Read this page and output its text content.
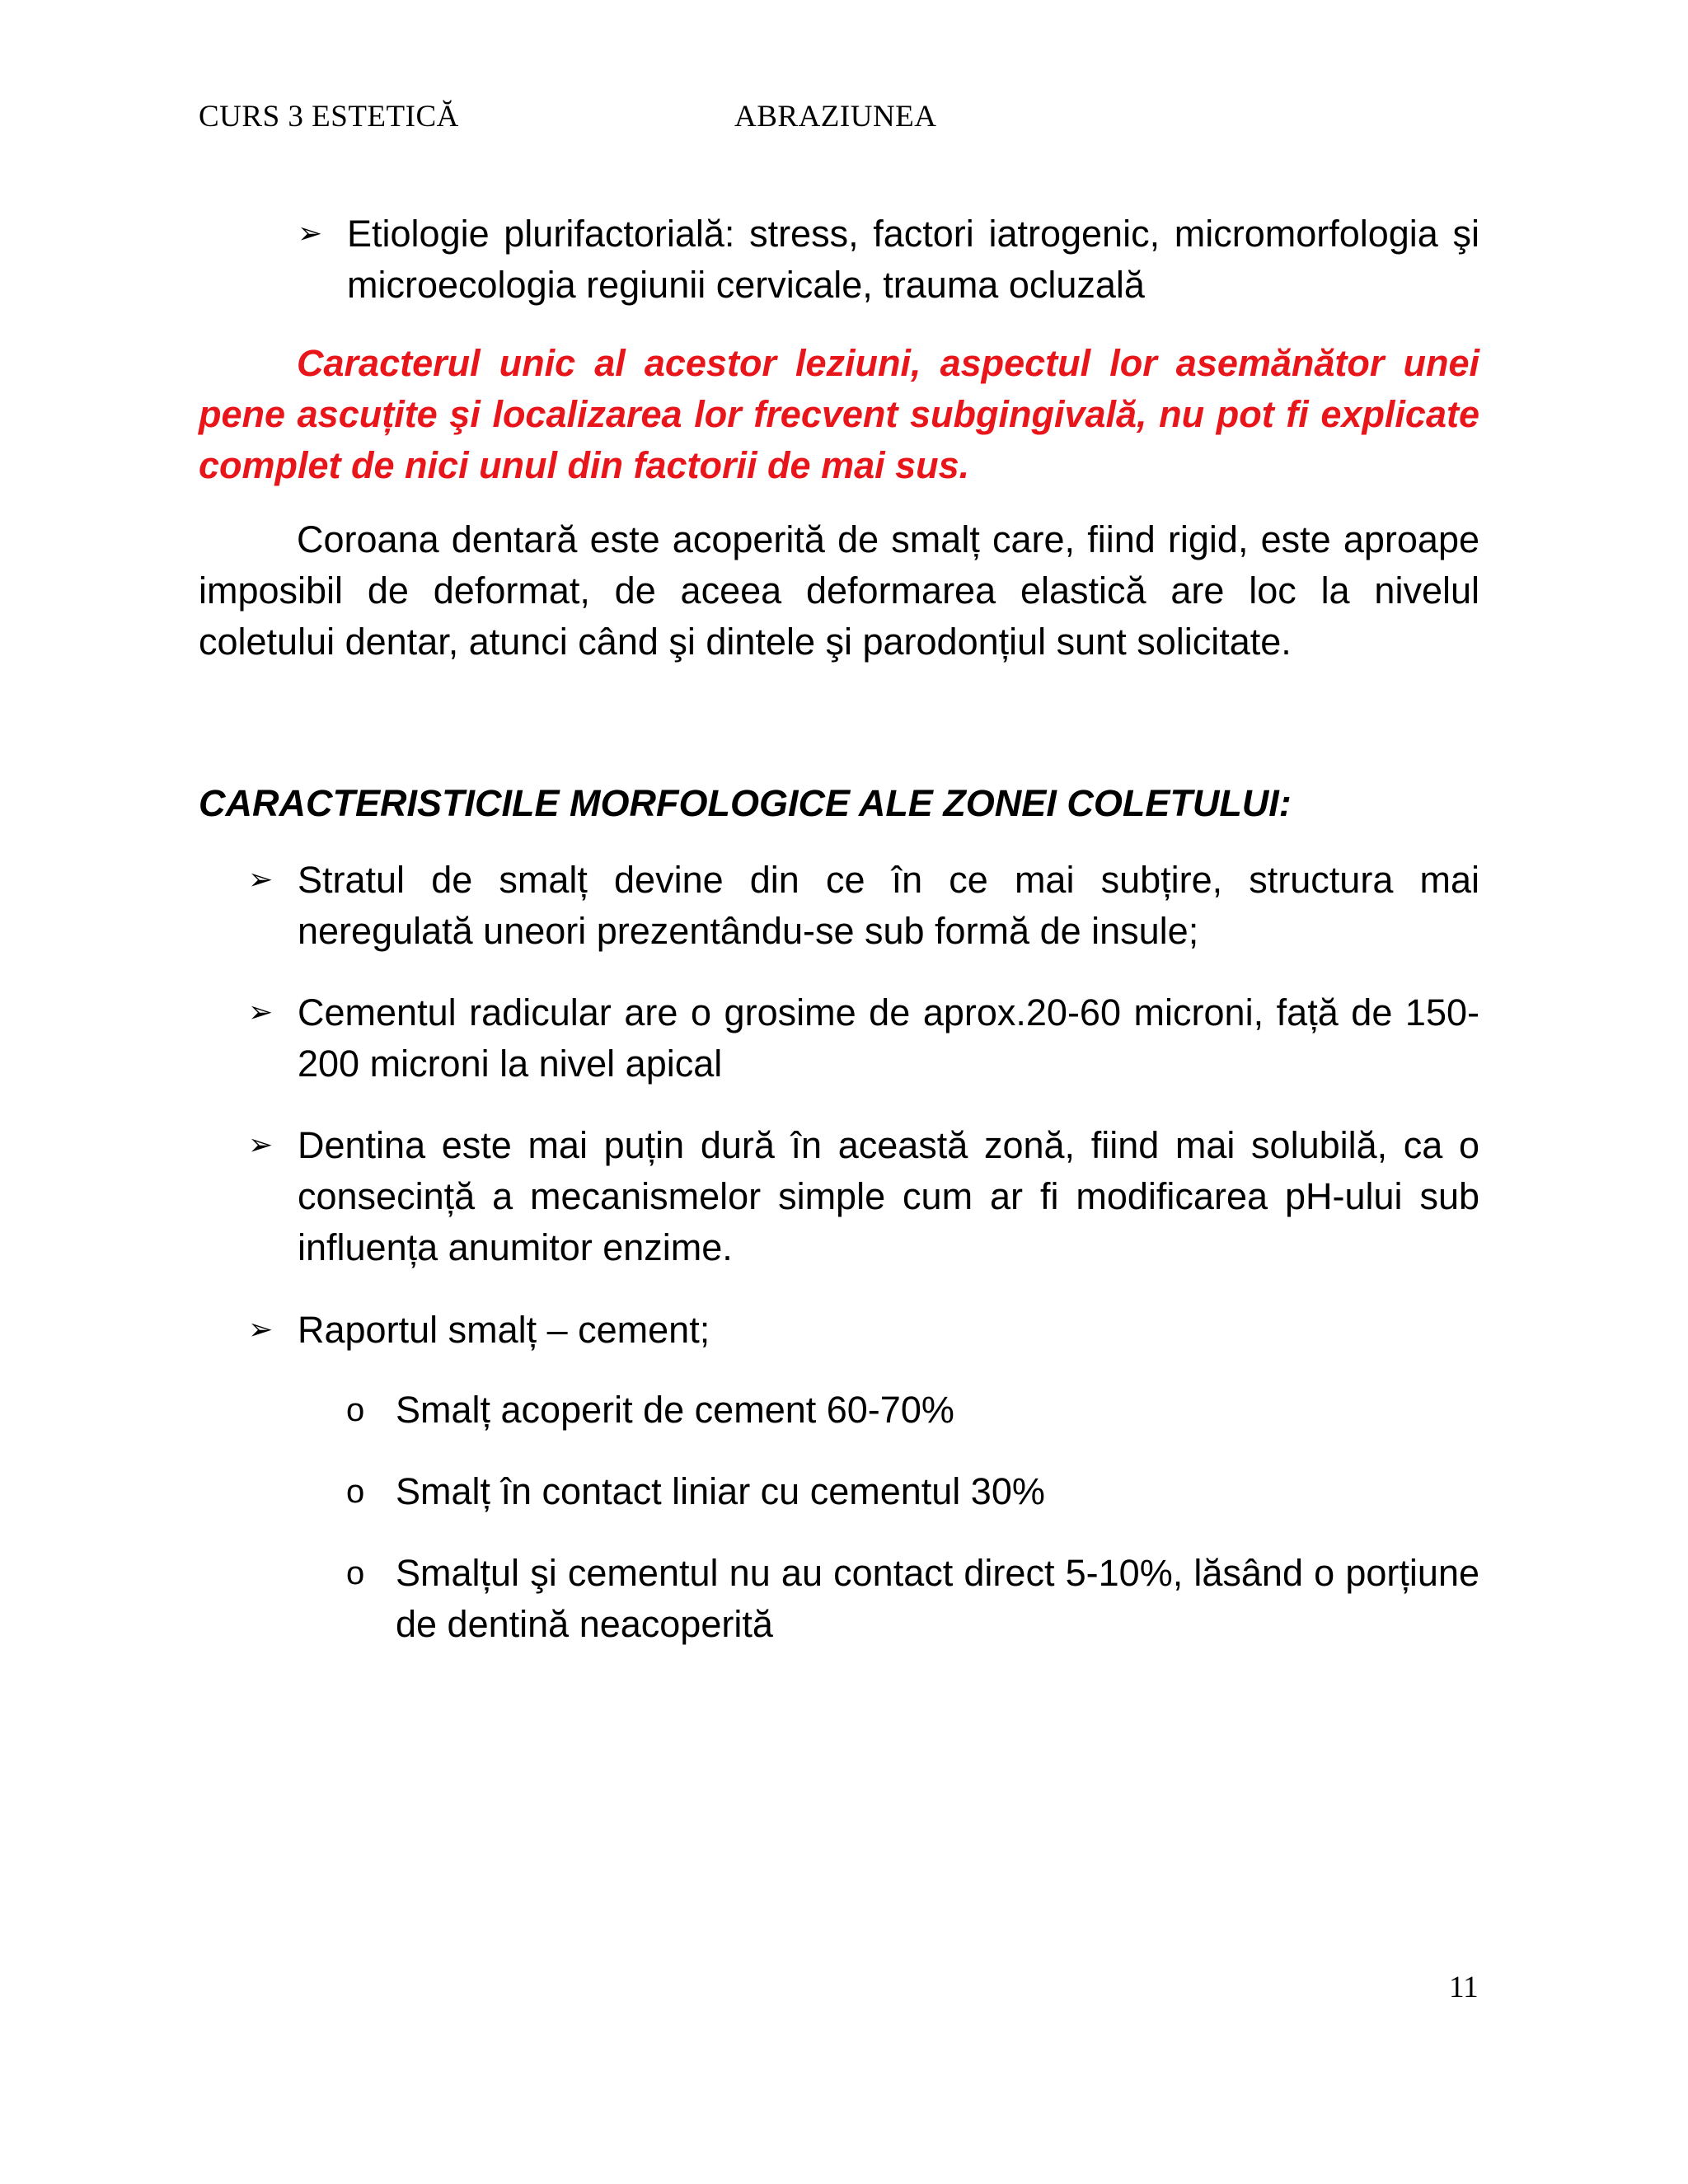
CURS 3 ESTETICĂ	ABRAZIUNEA
➢ Etiologie plurifactorială: stress, factori iatrogenic, micromorfologia şi microecologia regiunii cervicale, trauma ocluzală
Caracterul unic al acestor leziuni, aspectul lor asemănător unei pene ascuțite şi localizarea lor frecvent subgingivală, nu pot fi explicate complet de nici unul din factorii de mai sus.
Coroana dentară este acoperită de smalț care, fiind rigid, este aproape imposibil de deformat, de aceea deformarea elastică are loc la nivelul coletului dentar, atunci când şi dintele şi parodonțiul sunt solicitate.
CARACTERISTICILE MORFOLOGICE ALE ZONEI COLETULUI:
➢ Stratul de smalț devine din ce în ce mai subțire, structura mai neregulată uneori prezentându-se sub formă de insule;
➢ Cementul radicular are o grosime de aprox.20-60 microni, față de 150-200 microni la nivel apical
➢ Dentina este mai puțin dură în această zonă, fiind mai solubilă, ca o consecință a mecanismelor simple cum ar fi modificarea pH-ului sub influența anumitor enzime.
➢ Raportul smalț – cement;
o Smalț acoperit de cement 60-70%
o Smalț în contact liniar cu cementul 30%
o Smalțul şi cementul nu au contact direct 5-10%, lăsând o porțiune de dentină neacoperită
11
